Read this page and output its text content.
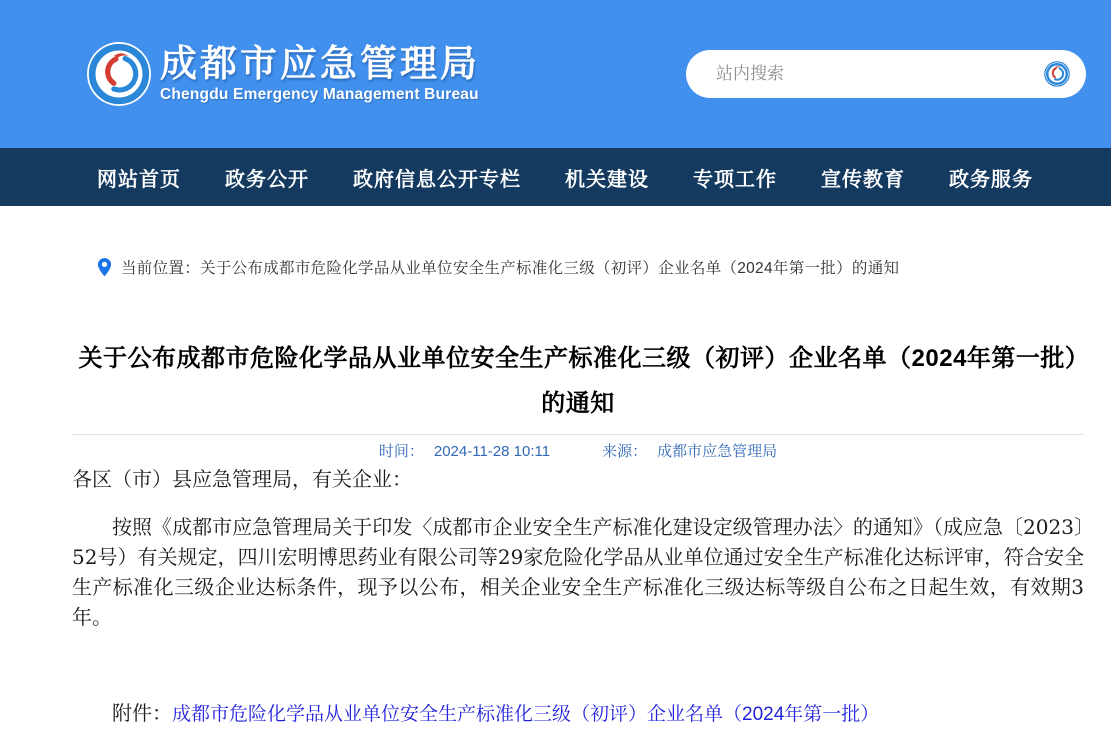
成都市应急管理局
Chengdu Emergency Management Bureau
站内搜索
网站首页 政务公开 政府信息公开专栏 机关建设 专项工作 宣传教育 政务服务
当前位置： 关于公布成都市危险化学品从业单位安全生产标准化三级（初评）企业名单（2024年第一批）的通知
关于公布成都市危险化学品从业单位安全生产标准化三级（初评）企业名单（2024年第一批）的通知
时间： 2024-11-28 10:11	来源： 成都市应急管理局

各区（市）县应急管理局，有关企业：

按照《成都市应急管理局关于印发〈成都市企业安全生产标准化建设定级管理办法〉的通知》（成应急〔2023〕52号）有关规定，四川宏明博思药业有限公司等29家危险化学品从业单位通过安全生产标准化达标评审，符合安全生产标准化三级企业达标条件，现予以公布，相关企业安全生产标准化三级达标等级自公布之日起生效，有效期3年。

附件：成都市危险化学品从业单位安全生产标准化三级（初评）企业名单（2024年第一批）
